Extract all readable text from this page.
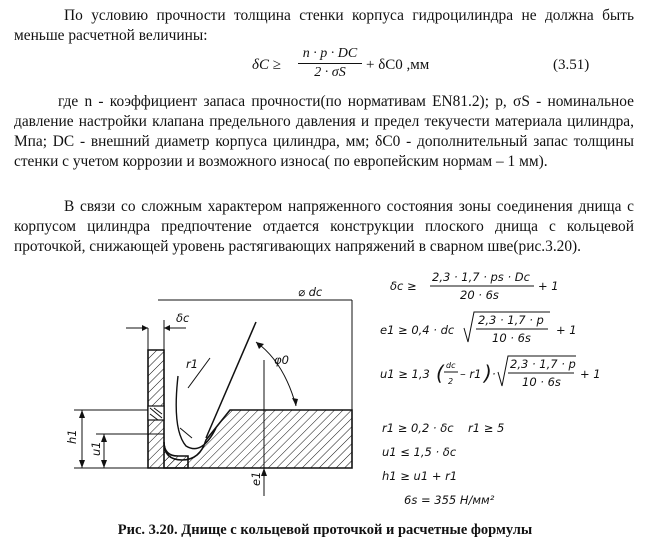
По условию прочности толщина стенки корпуса гидроцилиндра не должна быть меньше расчетной величины:
$\delta C \ge \frac{n \cdot p \cdot DC}{2 \cdot \sigma S} + \delta C0$ ,мм	(3.51)
где n - коэффициент запаса прочности(по нормативам EN81.2); p, σS - номинальное давление настройки клапана предельного давления и предел текучести материала цилиндра, Мпа; DC - внешний диаметр корпуса цилиндра, мм; δC0 - дополнительный запас толщины стенки с учетом коррозии и возможного износа( по европейским нормам – 1 мм).
В связи со сложным характером напряженного состояния зоны соединения днища с корпусом цилиндра предпочтение отдается конструкции плоского днища с кольцевой проточкой, снижающей уровень растягивающих напряжений в сварном шве(рис.3.20).
⌀ dc
δc
r1	φ0
h1
u1
e1
δc ≥
2,3 · 1,7 · ps · Dc
20 · 6s
+ 1
e1 ≥ 0,4 · dc
2,3 · 1,7 · p
10 · 6s
+ 1
u1 ≥ 1,3 ( dc
2
– r1 ) ·
2,3 · 1,7 · p
10 · 6s
+ 1
r1 ≥ 0,2 · δc r1 ≥ 5
u1 ≤ 1,5 · δc
h1 ≥ u1 + r1
6s = 355 Н/мм²
Рис. 3.20. Днище с кольцевой проточкой и расчетные формулы
